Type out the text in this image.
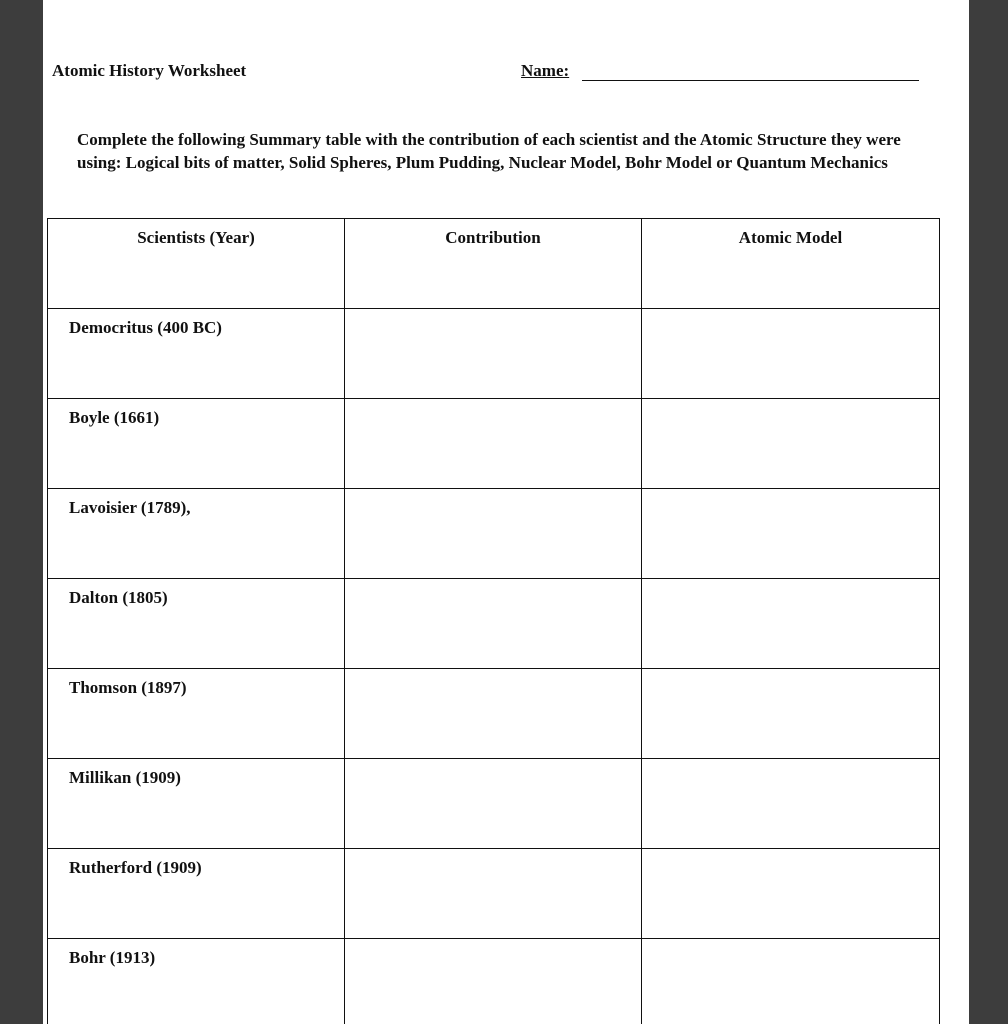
Atomic History Worksheet	Name:
Complete the following Summary table with the contribution of each scientist and the Atomic Structure they were using: Logical bits of matter, Solid Spheres, Plum Pudding, Nuclear Model, Bohr Model or Quantum Mechanics
Scientists (Year)	Contribution	Atomic Model
Democritus (400 BC)		
Boyle (1661)		
Lavoisier (1789),		
Dalton (1805)		
Thomson (1897)		
Millikan (1909)		
Rutherford (1909)		
Bohr (1913)		
